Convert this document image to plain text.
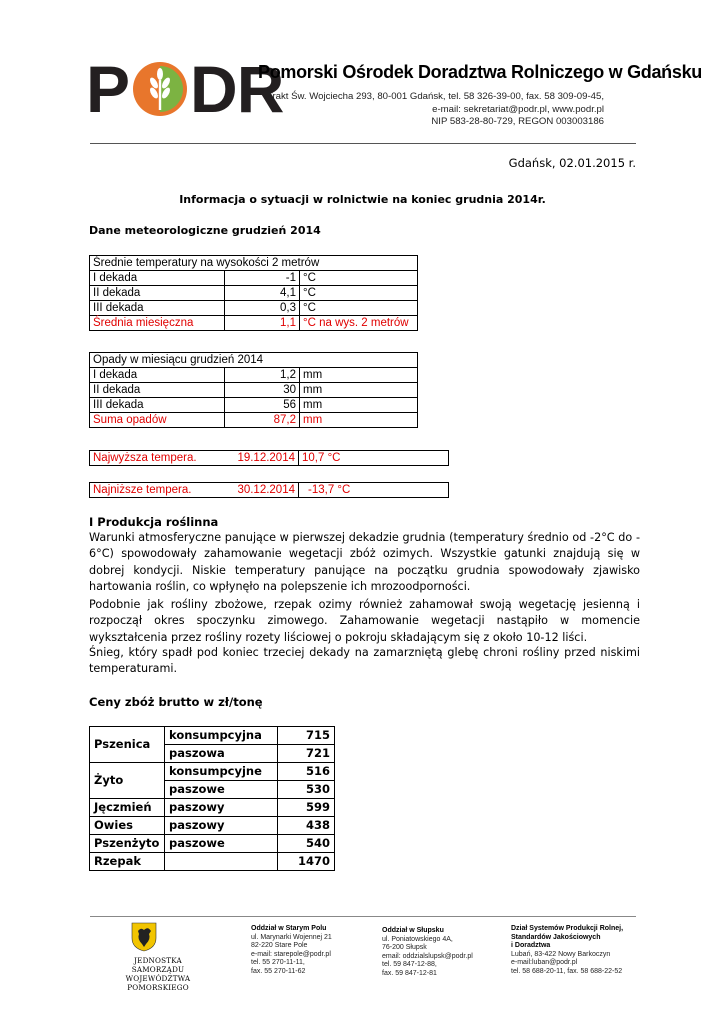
P D R
Pomorski Ośrodek Doradztwa Rolniczego w Gdańsku
Trakt Św. Wojciecha 293, 80-001 Gdańsk, tel. 58 326-39-00, fax. 58 309-09-45,
e-mail: sekretariat@podr.pl, www.podr.pl
NIP 583-28-80-729, REGON 003003186
Gdańsk, 02.01.2015 r.
Informacja o sytuacji w rolnictwie na koniec grudnia 2014r.
Dane meteorologiczne grudzień 2014
Średnie temperatury na wysokości 2 metrów		
I dekada	-1	°C
II dekada	4,1	°C
III dekada	0,3	°C
Średnia miesięczna	1,1	°C na wys. 2 metrów
Opady w miesiącu grudzień 2014		
I dekada	1,2	mm
II dekada	30	mm
III dekada	56	mm
Suma opadów	87,2	mm
Najwyższa tempera.	19.12.2014	10,7 °C
Najniższe tempera.	30.12.2014	-13,7 °C
I Produkcja roślinna
Warunki atmosferyczne panujące w pierwszej dekadzie grudnia (temperatury średnio od -2°C do - 6°C) spowodowały zahamowanie wegetacji zbóż ozimych. Wszystkie gatunki znajdują się w dobrej kondycji. Niskie temperatury panujące na początku grudnia spowodowały zjawisko hartowania roślin, co wpłynęło na polepszenie ich mrozoodporności.
Podobnie jak rośliny zbożowe, rzepak ozimy również zahamował swoją wegetację jesienną i rozpoczął okres spoczynku zimowego. Zahamowanie wegetacji nastąpiło w momencie wykształcenia przez rośliny rozety liściowej o pokroju składającym się z około 10-12 liści.
Śnieg, który spadł pod koniec trzeciej dekady na zamarzniętą glebę chroni rośliny przed niskimi temperaturami.
Ceny zbóż brutto w zł/tonę
Pszenica	konsumpcyjna	715
	paszowa	721
Żyto	konsumpcyjne	516
	paszowe	530
Jęczmień	paszowy	599
Owies	paszowy	438
Pszenżyto	paszowe	540
Rzepak		1470
JEDNOSTKA SAMORZĄDU
WOJEWÓDZTWA POMORSKIEGO
Oddział w Starym Polu
ul. Marynarki Wojennej 21
82-220 Stare Pole
e-mail: starepole@podr.pl
tel. 55 270-11-11,
fax. 55 270-11-62
Oddział w Słupsku
ul. Poniatowskiego 4A,
76-200 Słupsk
email: oddzialslupsk@podr.pl
tel. 59 847-12-88,
fax. 59 847-12-81
Dział Systemów Produkcji Rolnej,
Standardów Jakościowych
i Doradztwa
Lubań, 83-422 Nowy Barkoczyn
e-mail:luban@podr.pl
tel. 58 688-20-11, fax. 58 688-22-52
